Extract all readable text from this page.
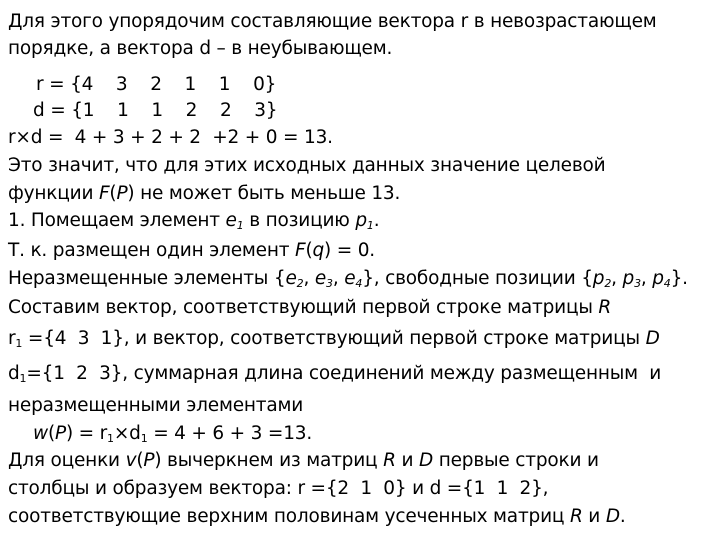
Для этого упорядочим составляющие вектора r в невозрастающем
порядке, а вектора d – в неубывающем.
r = {4    3    2    1    1    0}
d = {1    1    1    2    2    3}
r×d =  4 + 3 + 2 + 2  +2 + 0 = 13.
Это значит, что для этих исходных данных значение целевой
функции F(P) не может быть меньше 13.
1. Помещаем элемент $e_1$ в позицию $p_1$.
Т. к. размещен один элемент F(q) = 0.
Неразмещенные элементы {$e_2$, $e_3$, $e_4$}, свободные позиции {$p_2$, $p_3$, $p_4$}.
Составим вектор, соответствующий первой строке матрицы R
$r_1 =\{4$  3  1}, и вектор, соответствующий первой строке матрицы D
$d_1=\{1$  2  3}, суммарная длина соединений между размещенным  и
неразмещенными элементами
$w(P) = r_1\times d_1 = 4 + 6 + 3 =13$.
Для оценки v(P) вычеркнем из матриц R и D первые строки и
столбцы и образуем вектора: r ={2  1  0} и d ={1  1  2},
соответствующие верхним половинам усеченных матриц R и D.
